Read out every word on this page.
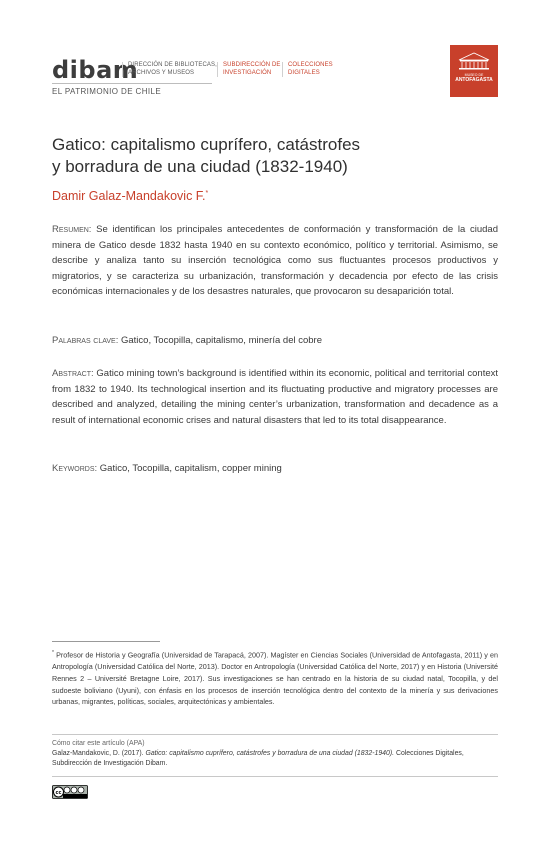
dibam
DIRECCIÓN DE BIBLIOTECAS,
ARCHIVOS Y MUSEOS
SUBDIRECCIÓN DE
INVESTIGACIÓN
COLECCIONES
DIGITALES	MUSEO DE
ANTOFAGASTA
EL PATRIMONIO DE CHILE
Gatico: capitalismo cuprífero, catástrofes
y borradura de una ciudad (1832-1940)
Damir Galaz-Mandakovic F.*
Resumen: Se identifican los principales antecedentes de conformación y transformación de la ciudad minera de Gatico desde 1832 hasta 1940 en su contexto económico, político y territorial. Asimismo, se describe y analiza tanto su inserción tecnológica como sus fluctuantes procesos productivos y migratorios, y se caracteriza su urbanización, transformación y decadencia por efecto de las crisis económicas internacionales y de los desastres naturales, que provocaron su desaparición total.
Palabras clave: Gatico, Tocopilla, capitalismo, minería del cobre
Abstract: Gatico mining town’s background is identified within its economic, political and territorial context from 1832 to 1940. Its technological insertion and its fluctuating productive and migratory processes are described and analyzed, detailing the mining center’s urbanization, transformation and decadence as a result of international economic crises and natural disasters that led to its total disappearance.
Keywords: Gatico, Tocopilla, capitalism, copper mining
* Profesor de Historia y Geografía (Universidad de Tarapacá, 2007). Magíster en Ciencias Sociales (Universidad de Antofagasta, 2011) y en Antropología (Universidad Católica del Norte, 2013). Doctor en Antropología (Universidad Católica del Norte, 2017) y en Historia (Université Rennes 2 – Université Bretagne Loire, 2017). Sus investigaciones se han centrado en la historia de su ciudad natal, Tocopilla, y del sudoeste boliviano (Uyuni), con énfasis en los procesos de inserción tecnológica dentro del contexto de la minería y sus derivaciones urbanas, migrantes, políticas, sociales, arquitectónicas y ambientales.
Cómo citar este artículo (APA)
Galaz-Mandakovic, D. (2017). Gatico: capitalismo cuprífero, catástrofes y borradura de una ciudad (1832-1940). Colecciones Digitales, Subdirección de Investigación Dibam.
cc
